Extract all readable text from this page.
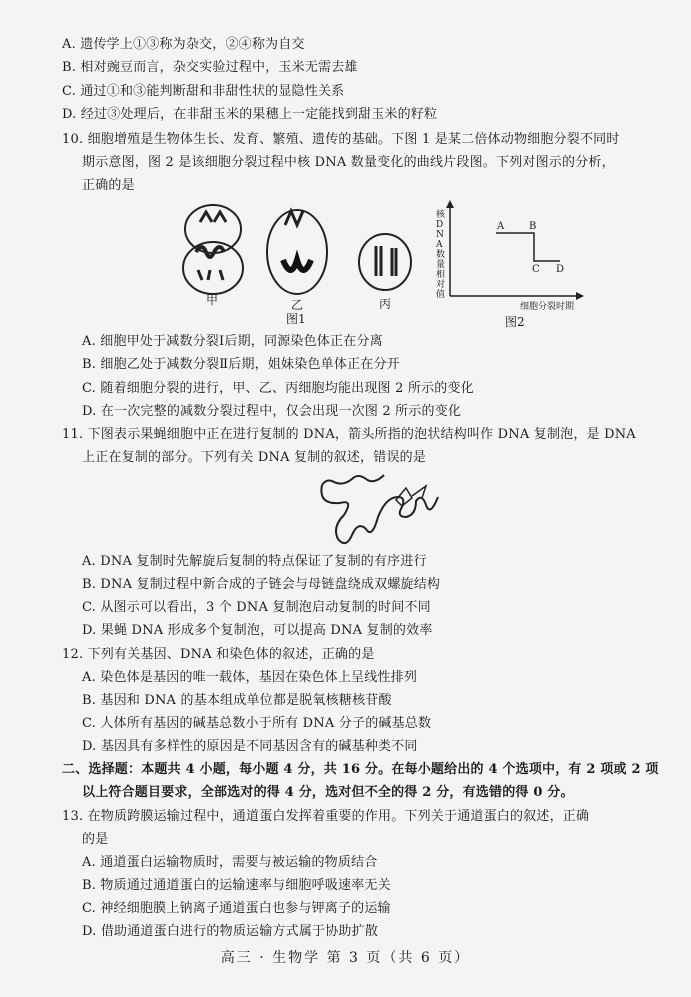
A. 遗传学上①③称为杂交，②④称为自交
B. 相对豌豆而言，杂交实验过程中，玉米无需去雄
C. 通过①和③能判断甜和非甜性状的显隐性关系
D. 经过③处理后，在非甜玉米的果穗上一定能找到甜玉米的籽粒
10. 细胞增殖是生物体生长、发育、繁殖、遗传的基础。下图 1 是某二倍体动物细胞分裂不同时
期示意图，图 2 是该细胞分裂过程中核 DNA 数量变化的曲线片段图。下列对图示的分析，
正确的是
甲	乙	丙
图1
A B
C D
核DNA数量相对值
细胞分裂时期
图2
A. 细胞甲处于减数分裂Ⅰ后期，同源染色体正在分离
B. 细胞乙处于减数分裂Ⅱ后期，姐妹染色单体正在分开
C. 随着细胞分裂的进行，甲、乙、丙细胞均能出现图 2 所示的变化
D. 在一次完整的减数分裂过程中，仅会出现一次图 2 所示的变化
11. 下图表示果蝇细胞中正在进行复制的 DNA，箭头所指的泡状结构叫作 DNA 复制泡，是 DNA
上正在复制的部分。下列有关 DNA 复制的叙述，错误的是
A. DNA 复制时先解旋后复制的特点保证了复制的有序进行
B. DNA 复制过程中新合成的子链会与母链盘绕成双螺旋结构
C. 从图示可以看出，3 个 DNA 复制泡启动复制的时间不同
D. 果蝇 DNA 形成多个复制泡，可以提高 DNA 复制的效率
12. 下列有关基因、DNA 和染色体的叙述，正确的是
A. 染色体是基因的唯一载体，基因在染色体上呈线性排列
B. 基因和 DNA 的基本组成单位都是脱氧核糖核苷酸
C. 人体所有基因的碱基总数小于所有 DNA 分子的碱基总数
D. 基因具有多样性的原因是不同基因含有的碱基种类不同
二、选择题：本题共 4 小题，每小题 4 分，共 16 分。在每小题给出的 4 个选项中，有 2 项或 2 项
以上符合题目要求，全部选对的得 4 分，选对但不全的得 2 分，有选错的得 0 分。
13. 在物质跨膜运输过程中，通道蛋白发挥着重要的作用。下列关于通道蛋白的叙述，正确
的是
A. 通道蛋白运输物质时，需要与被运输的物质结合
B. 物质通过通道蛋白的运输速率与细胞呼吸速率无关
C. 神经细胞膜上钠离子通道蛋白也参与钾离子的运输
D. 借助通道蛋白进行的物质运输方式属于协助扩散
高三 · 生物学 第 3 页（共 6 页）
